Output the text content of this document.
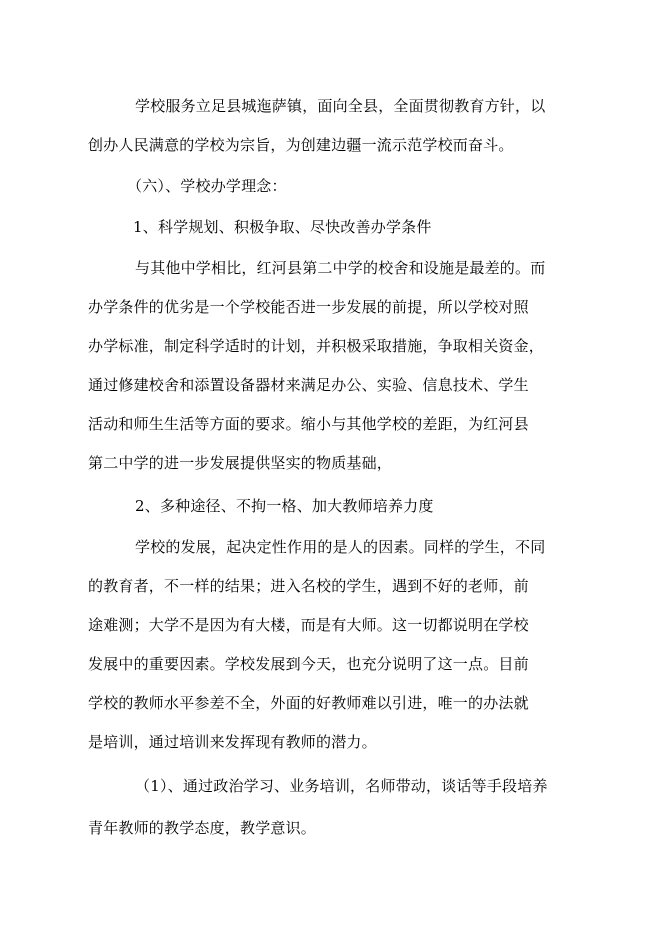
学校服务立足县城迤萨镇，面向全县，全面贯彻教育方针，以
创办人民满意的学校为宗旨，为创建边疆一流示范学校而奋斗。
（六）、学校办学理念：
1、科学规划、积极争取、尽快改善办学条件
与其他中学相比，红河县第二中学的校舍和设施是最差的。而
办学条件的优劣是一个学校能否进一步发展的前提，所以学校对照
办学标准，制定科学适时的计划，并积极采取措施，争取相关资金，
通过修建校舍和添置设备器材来满足办公、实验、信息技术、学生
活动和师生生活等方面的要求。缩小与其他学校的差距，为红河县
第二中学的进一步发展提供坚实的物质基础，
2、多种途径、不拘一格、加大教师培养力度
学校的发展，起决定性作用的是人的因素。同样的学生，不同
的教育者，不一样的结果；进入名校的学生，遇到不好的老师，前
途难测；大学不是因为有大楼，而是有大师。这一切都说明在学校
发展中的重要因素。学校发展到今天，也充分说明了这一点。目前
学校的教师水平参差不全，外面的好教师难以引进，唯一的办法就
是培训，通过培训来发挥现有教师的潜力。
（1）、通过政治学习、业务培训，名师带动，谈话等手段培养
青年教师的教学态度，教学意识。
